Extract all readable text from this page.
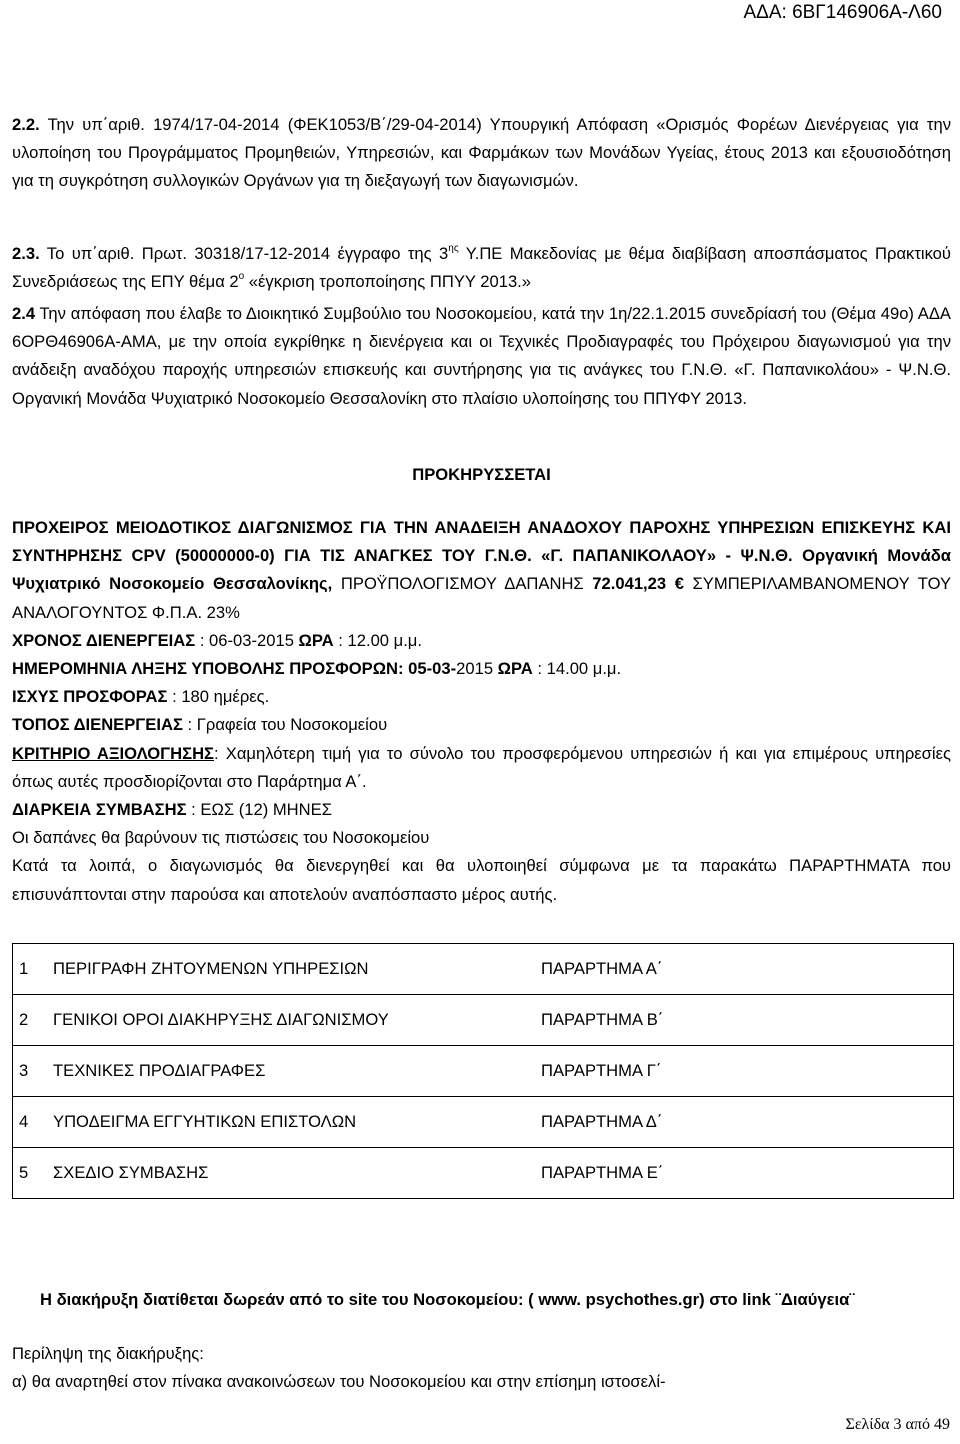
ΑΔΑ: 6ΒΓ146906Α-Λ60
2.2. Την υπ΄αριθ. 1974/17-04-2014 (ΦΕΚ1053/Β΄/29-04-2014) Υπουργική Απόφαση «Ορισμός Φορέων Διενέργειας για την υλοποίηση του Προγράμματος Προμηθειών, Υπηρεσιών, και Φαρμάκων των Μονάδων Υγείας, έτους 2013 και εξουσιοδότηση για τη συγκρότηση συλλογικών Οργάνων για τη διεξαγωγή των διαγωνισμών.
2.3. Το υπ΄αριθ. Πρωτ. 30318/17-12-2014 έγγραφο της $3^{\eta\varsigma}$ Υ.ΠΕ Μακεδονίας με θέμα διαβίβαση αποσπάσματος Πρακτικού Συνεδριάσεως της ΕΠΥ θέμα $2^o$ «έγκριση τροποποίησης ΠΠΥΥ 2013.»
2.4 Την απόφαση που έλαβε το Διοικητικό Συμβούλιο του Νοσοκομείου, κατά την 1η/22.1.2015 συνεδρίασή του (Θέμα 49ο) ΑΔΑ 6ΟΡΘ46906Α-ΑΜΑ, με την οποία εγκρίθηκε η διενέργεια και οι Τεχνικές Προδιαγραφές του Πρόχειρου διαγωνισμού για την ανάδειξη αναδόχου παροχής υπηρεσιών επισκευής και συντήρησης για τις ανάγκες του Γ.Ν.Θ. «Γ. Παπανικολάου» - Ψ.Ν.Θ. Οργανική Μονάδα Ψυχιατρικό Νοσοκομείο Θεσσαλονίκη στο πλαίσιο υλοποίησης του ΠΠΥΦΥ 2013.
ΠΡΟΚΗΡΥΣΣΕΤΑΙ
ΠΡΟΧΕΙΡΟΣ ΜΕΙΟΔΟΤΙΚΟΣ ΔΙΑΓΩΝΙΣΜΟΣ ΓΙΑ ΤΗΝ ΑΝΑΔΕΙΞΗ ΑΝΑΔΟΧΟΥ ΠΑΡΟΧΗΣ ΥΠΗΡΕΣΙΩΝ ΕΠΙΣΚΕΥΗΣ ΚΑΙ ΣΥΝΤΗΡΗΣΗΣ CPV (50000000-0) ΓΙΑ ΤΙΣ ΑΝΑΓΚΕΣ ΤΟΥ Γ.Ν.Θ. «Γ. ΠΑΠΑΝΙΚΟΛΑΟΥ» - Ψ.Ν.Θ. Οργανική Μονάδα Ψυχιατρικό Νοσοκομείο Θεσσαλονίκης, ΠΡΟΫΠΟΛΟΓΙΣΜΟΥ ΔΑΠΑΝΗΣ 72.041,23 € ΣΥΜΠΕΡΙΛΑΜΒΑΝΟΜΕΝΟΥ ΤΟΥ ΑΝΑΛΟΓΟΥΝΤΟΣ Φ.Π.Α. 23%
ΧΡΟΝΟΣ ΔΙΕΝΕΡΓΕΙΑΣ : 06-03-2015 ΩΡΑ : 12.00 μ.μ.
ΗΜΕΡΟΜΗΝΙΑ ΛΗΞΗΣ ΥΠΟΒΟΛΗΣ ΠΡΟΣΦΟΡΩΝ: 05-03-2015 ΩΡΑ : 14.00 μ.μ.
ΙΣΧΥΣ ΠΡΟΣΦΟΡΑΣ : 180 ημέρες.
ΤΟΠΟΣ ΔΙΕΝΕΡΓΕΙΑΣ : Γραφεία του Νοσοκομείου
ΚΡΙΤΗΡΙΟ ΑΞΙΟΛΟΓΗΣΗΣ: Χαμηλότερη τιμή για το σύνολο του προσφερόμενου υπηρεσιών ή και για επιμέρους υπηρεσίες όπως αυτές προσδιορίζονται στο Παράρτημα Α΄.
ΔΙΑΡΚΕΙΑ ΣΥΜΒΑΣΗΣ : ΕΩΣ (12) ΜΗΝΕΣ
Οι δαπάνες θα βαρύνουν τις πιστώσεις του Νοσοκομείου
Κατά τα λοιπά, ο διαγωνισμός θα διενεργηθεί και θα υλοποιηθεί σύμφωνα με τα παρακάτω ΠΑΡΑΡΤΗΜΑΤΑ που επισυνάπτονται στην παρούσα και αποτελούν αναπόσπαστο μέρος αυτής.
1	ΠΕΡΙΓΡΑΦΗ ΖΗΤΟΥΜΕΝΩΝ ΥΠΗΡΕΣΙΩΝ	ΠΑΡΑΡΤΗΜΑ Α΄
2	ΓΕΝΙΚΟΙ ΟΡΟΙ ΔΙΑΚΗΡΥΞΗΣ ΔΙΑΓΩΝΙΣΜΟΥ	ΠΑΡΑΡΤΗΜΑ Β΄
3	ΤΕΧΝΙΚΕΣ ΠΡΟΔΙΑΓΡΑΦΕΣ	ΠΑΡΑΡΤΗΜΑ Γ΄
4	ΥΠΟΔΕΙΓΜΑ ΕΓΓΥΗΤΙΚΩΝ ΕΠΙΣΤΟΛΩΝ	ΠΑΡΑΡΤΗΜΑ Δ΄
5	ΣΧΕΔΙΟ ΣΥΜΒΑΣΗΣ	ΠΑΡΑΡΤΗΜΑ Ε΄
Η διακήρυξη διατίθεται δωρεάν από το site του Νοσοκομείου: ( www. psychothes.gr) στο link ¨Διαύγεια¨
Περίληψη της διακήρυξης:
α) θα αναρτηθεί στον πίνακα ανακοινώσεων του Νοσοκομείου και στην επίσημη ιστοσελί-
Σελίδα 3 από 49
